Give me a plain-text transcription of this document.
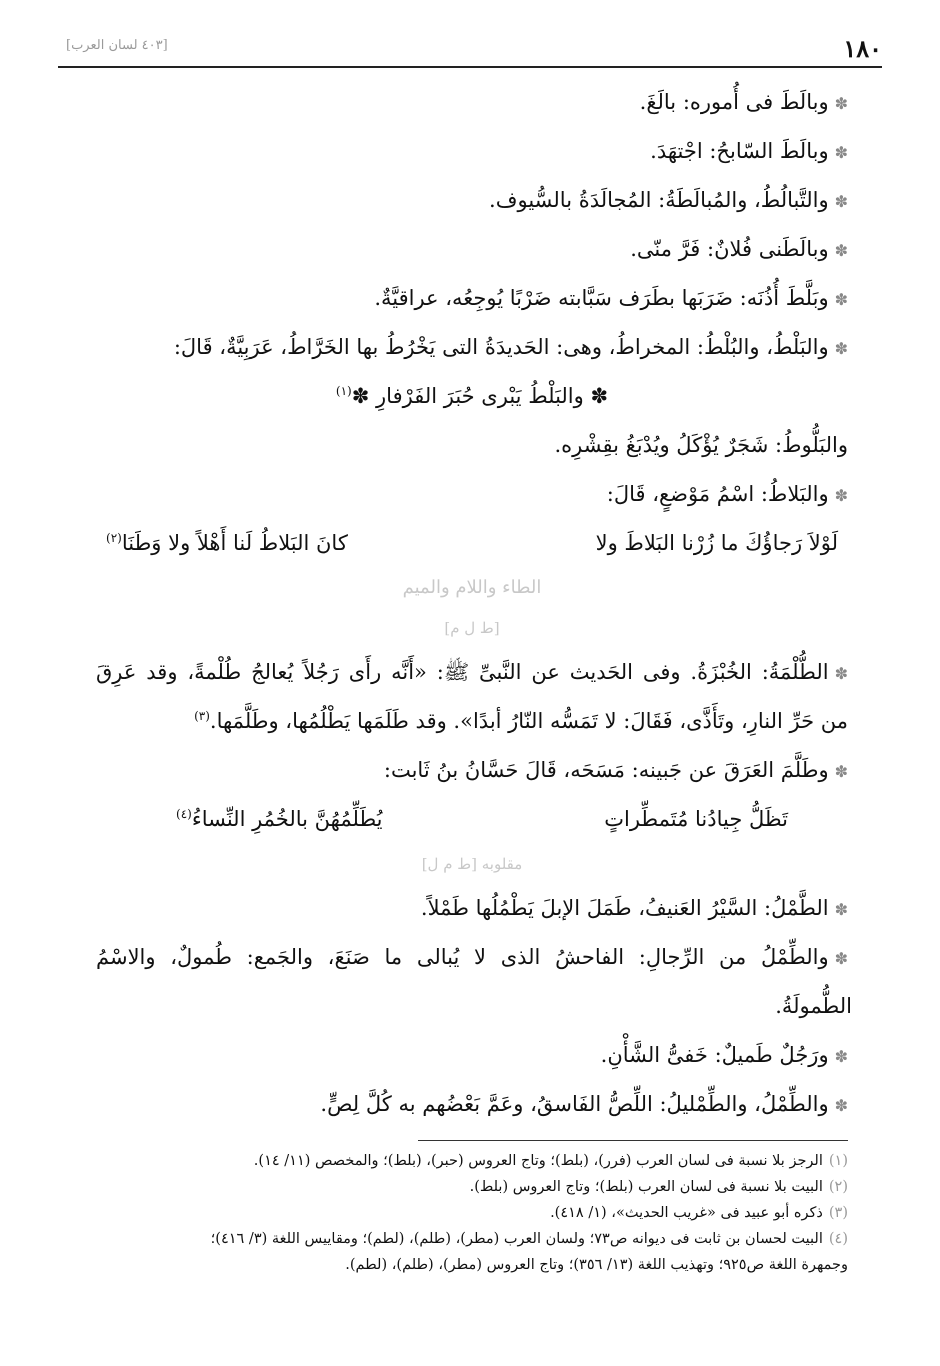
١٨٠
[٤٠٣ لسان العرب]
✽وبالَطَ فى أُموره: بالَغَ.
✽وبالَطَ السّابحُ: اجْتهَدَ.
✽والتَّبالُطُ، والمُبالَطَةُ: المُجالَدَةُ بالسُّيوف.
✽وبالَطَنى فُلانٌ: فَرَّ منّى.
✽وبَلَّطَ أُذُنَه: ضَرَبَها بطَرَف سَبَّابته ضَرْبًا يُوجِعُه، عراقيَّةٌ.
✽والبَلْطُ، والبُلْطُ: المخراطُ، وهى: الحَديدَةُ التى يَخْرُطُ بها الخَرَّاطُ، عَرَبِيَّةٌ، قَالَ:
✽ والبَلْطُ يَبْرى حُبَرَ الفَرْفارِ ✽$^{(١)}$
والبَلُّوطُ: شَجَرٌ يُؤْكَلُ ويُدْبَغُ بقِشْرِه.
✽والبَلاطُ: اسْمُ مَوْضعٍ، قَالَ:
لَوْلاَ رَجاؤُكَ ما زُرْنا البَلاطَ ولا
كانَ البَلاطُ لَنا أَهْلاً ولا وَطَنَا$^{(٢)}$
الطاء واللام والميم
[ط ل م]
✽الطُّلْمَةُ: الخُبْزَةُ. وفى الحَديث عن النَّبىِّ ﷺ: «أَنَّه رأَى رَجُلاً يُعالجُ طُلْمةً، وقد عَرِقَ
من حَرِّ النارِ، وتَأَذَّى، فَقَالَ: لا تَمَسُّه النّارُ أبدًا». وقد طَلَمَها يَطْلُمُها، وطَلَّمَها.$^{(٣)}$
✽وطَلَّمَ العَرَقَ عن جَبينه: مَسَحَه، قَالَ حَسَّانُ بنُ ثَابت:
تَظَلُّ جِيادُنا مُتَمطِّراتٍ
يُطَلِّمُهُنَّ بالخُمُرِ النِّساءُ$^{(٤)}$
مقلوبه [ط م ل]
✽الطَّمْلُ: السَّيْرُ العَنيفُ، طَمَلَ الإبلَ يَطْمُلُها طَمْلاً.
✽والطِّمْلُ من الرِّجالِ: الفاحشُ الذى لا يُبالى ما صَنَعَ، والجَمع: طُمولٌ، والاسْمُ
الطُّمولَةُ.
✽ورَجُلٌ طَميلٌ: خَفىُّ الشَّأْنِ.
✽والطِّمْلُ، والطِّمْليلُ: اللِّصُّ الفَاسقُ، وعَمَّ بَعْضُهم به كُلَّ لِصٍّ.
(١)الرجز بلا نسبة فى لسان العرب (فرر)، (بلط)؛ وتاج العروس (حبر)، (بلط)؛ والمخصص (١١/ ١٤).
(٢)البيت بلا نسبة فى لسان العرب (بلط)؛ وتاج العروس (بلط).
(٣)ذكره أبو عبيد فى «غريب الحديث»، (١/ ٤١٨).
(٤)البيت لحسان بن ثابت فى ديوانه ص٧٣؛ ولسان العرب (مطر)، (طلم)، (لطم)؛ ومقاييس اللغة (٣/ ٤١٦)؛
وجمهرة اللغة ص٩٢٥؛ وتهذيب اللغة (١٣/ ٣٥٦)؛ وتاج العروس (مطر)، (طلم)، (لطم).
